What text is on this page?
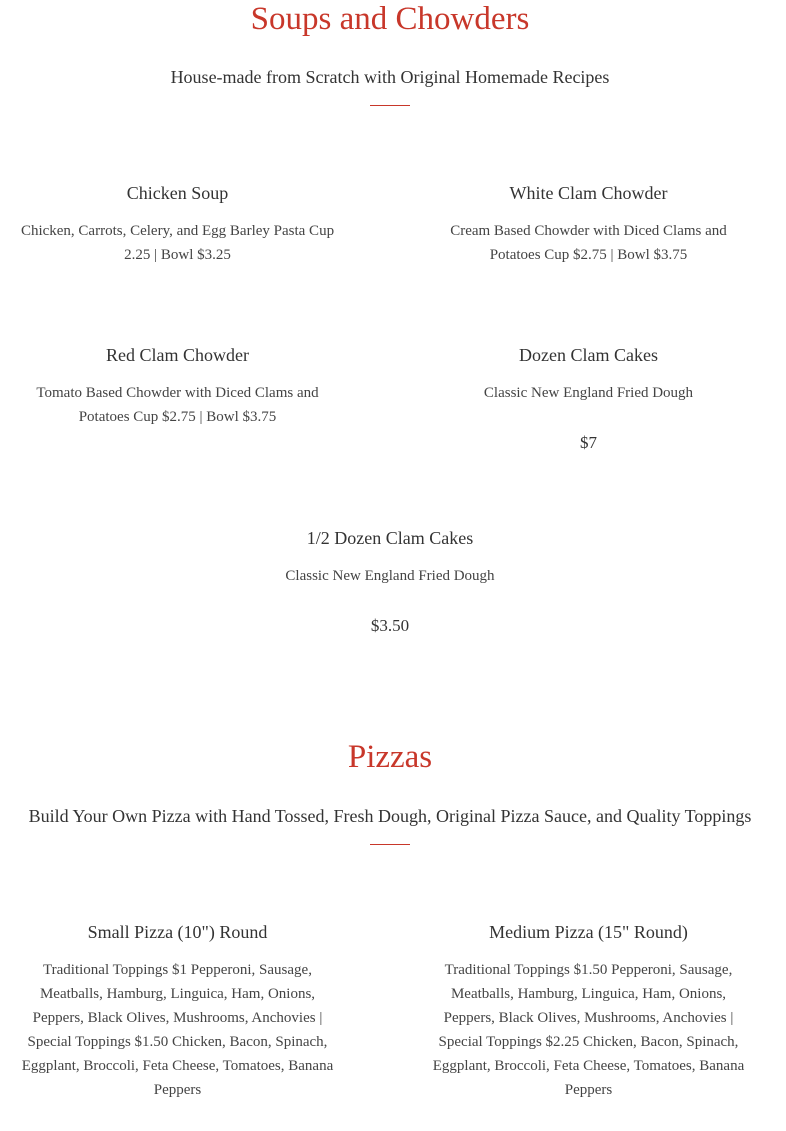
Soups and Chowders
House-made from Scratch with Original Homemade Recipes
Chicken Soup
Chicken, Carrots, Celery, and Egg Barley Pasta Cup 2.25 | Bowl $3.25
White Clam Chowder
Cream Based Chowder with Diced Clams and Potatoes Cup $2.75 | Bowl $3.75
Red Clam Chowder
Tomato Based Chowder with Diced Clams and Potatoes Cup $2.75 | Bowl $3.75
Dozen Clam Cakes
Classic New England Fried Dough
$7
1/2 Dozen Clam Cakes
Classic New England Fried Dough
$3.50
Pizzas
Build Your Own Pizza with Hand Tossed, Fresh Dough, Original Pizza Sauce, and Quality Toppings
Small Pizza (10") Round
Traditional Toppings $1 Pepperoni, Sausage, Meatballs, Hamburg, Linguica, Ham, Onions, Peppers, Black Olives, Mushrooms, Anchovies | Special Toppings $1.50 Chicken, Bacon, Spinach, Eggplant, Broccoli, Feta Cheese, Tomatoes, Banana Peppers
Medium Pizza (15" Round)
Traditional Toppings $1.50 Pepperoni, Sausage, Meatballs, Hamburg, Linguica, Ham, Onions, Peppers, Black Olives, Mushrooms, Anchovies | Special Toppings $2.25 Chicken, Bacon, Spinach, Eggplant, Broccoli, Feta Cheese, Tomatoes, Banana Peppers
